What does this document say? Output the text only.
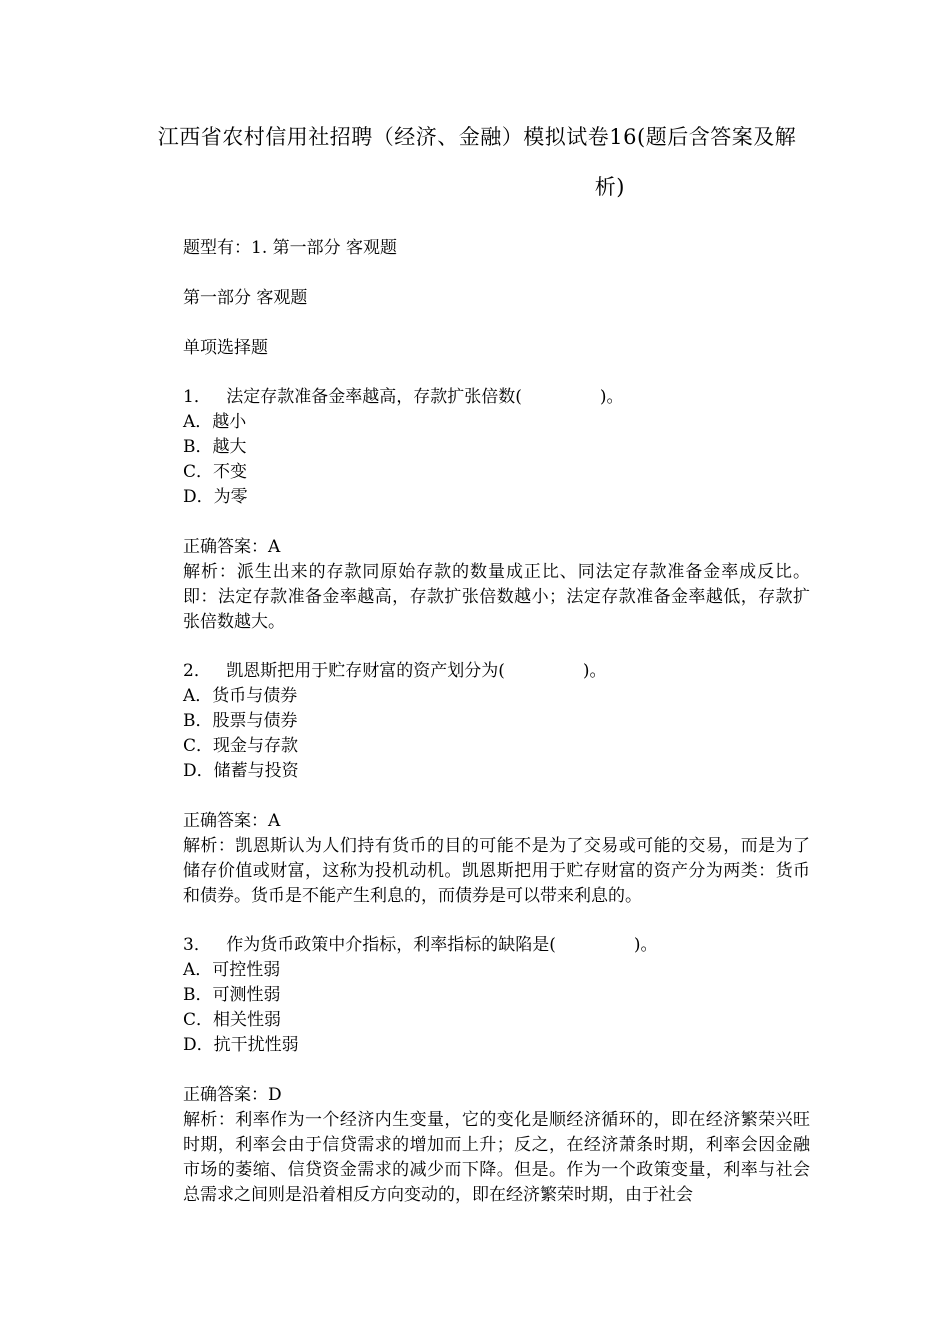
江西省农村信用社招聘（经济、金融）模拟试卷16(题后含答案及解
析)
题型有：1. 第一部分 客观题
第一部分 客观题
单项选择题
1． 法定存款准备金率越高，存款扩张倍数(	)。
A．越小
B．越大
C．不变
D．为零
正确答案：A
解析：派生出来的存款同原始存款的数量成正比、同法定存款准备金率成反比。即：法定存款准备金率越高，存款扩张倍数越小；法定存款准备金率越低，存款扩张倍数越大。
2． 凯恩斯把用于贮存财富的资产划分为(	)。
A．货币与债券
B．股票与债券
C．现金与存款
D．储蓄与投资
正确答案：A
解析：凯恩斯认为人们持有货币的目的可能不是为了交易或可能的交易，而是为了储存价值或财富，这称为投机动机。凯恩斯把用于贮存财富的资产分为两类：货币和债券。货币是不能产生利息的，而债券是可以带来利息的。
3． 作为货币政策中介指标，利率指标的缺陷是(	)。
A．可控性弱
B．可测性弱
C．相关性弱
D．抗干扰性弱
正确答案：D
解析：利率作为一个经济内生变量，它的变化是顺经济循环的，即在经济繁荣兴旺时期，利率会由于信贷需求的增加而上升；反之，在经济萧条时期，利率会因金融市场的萎缩、信贷资金需求的减少而下降。但是。作为一个政策变量，利率与社会总需求之间则是沿着相反方向变动的，即在经济繁荣时期，由于社会
